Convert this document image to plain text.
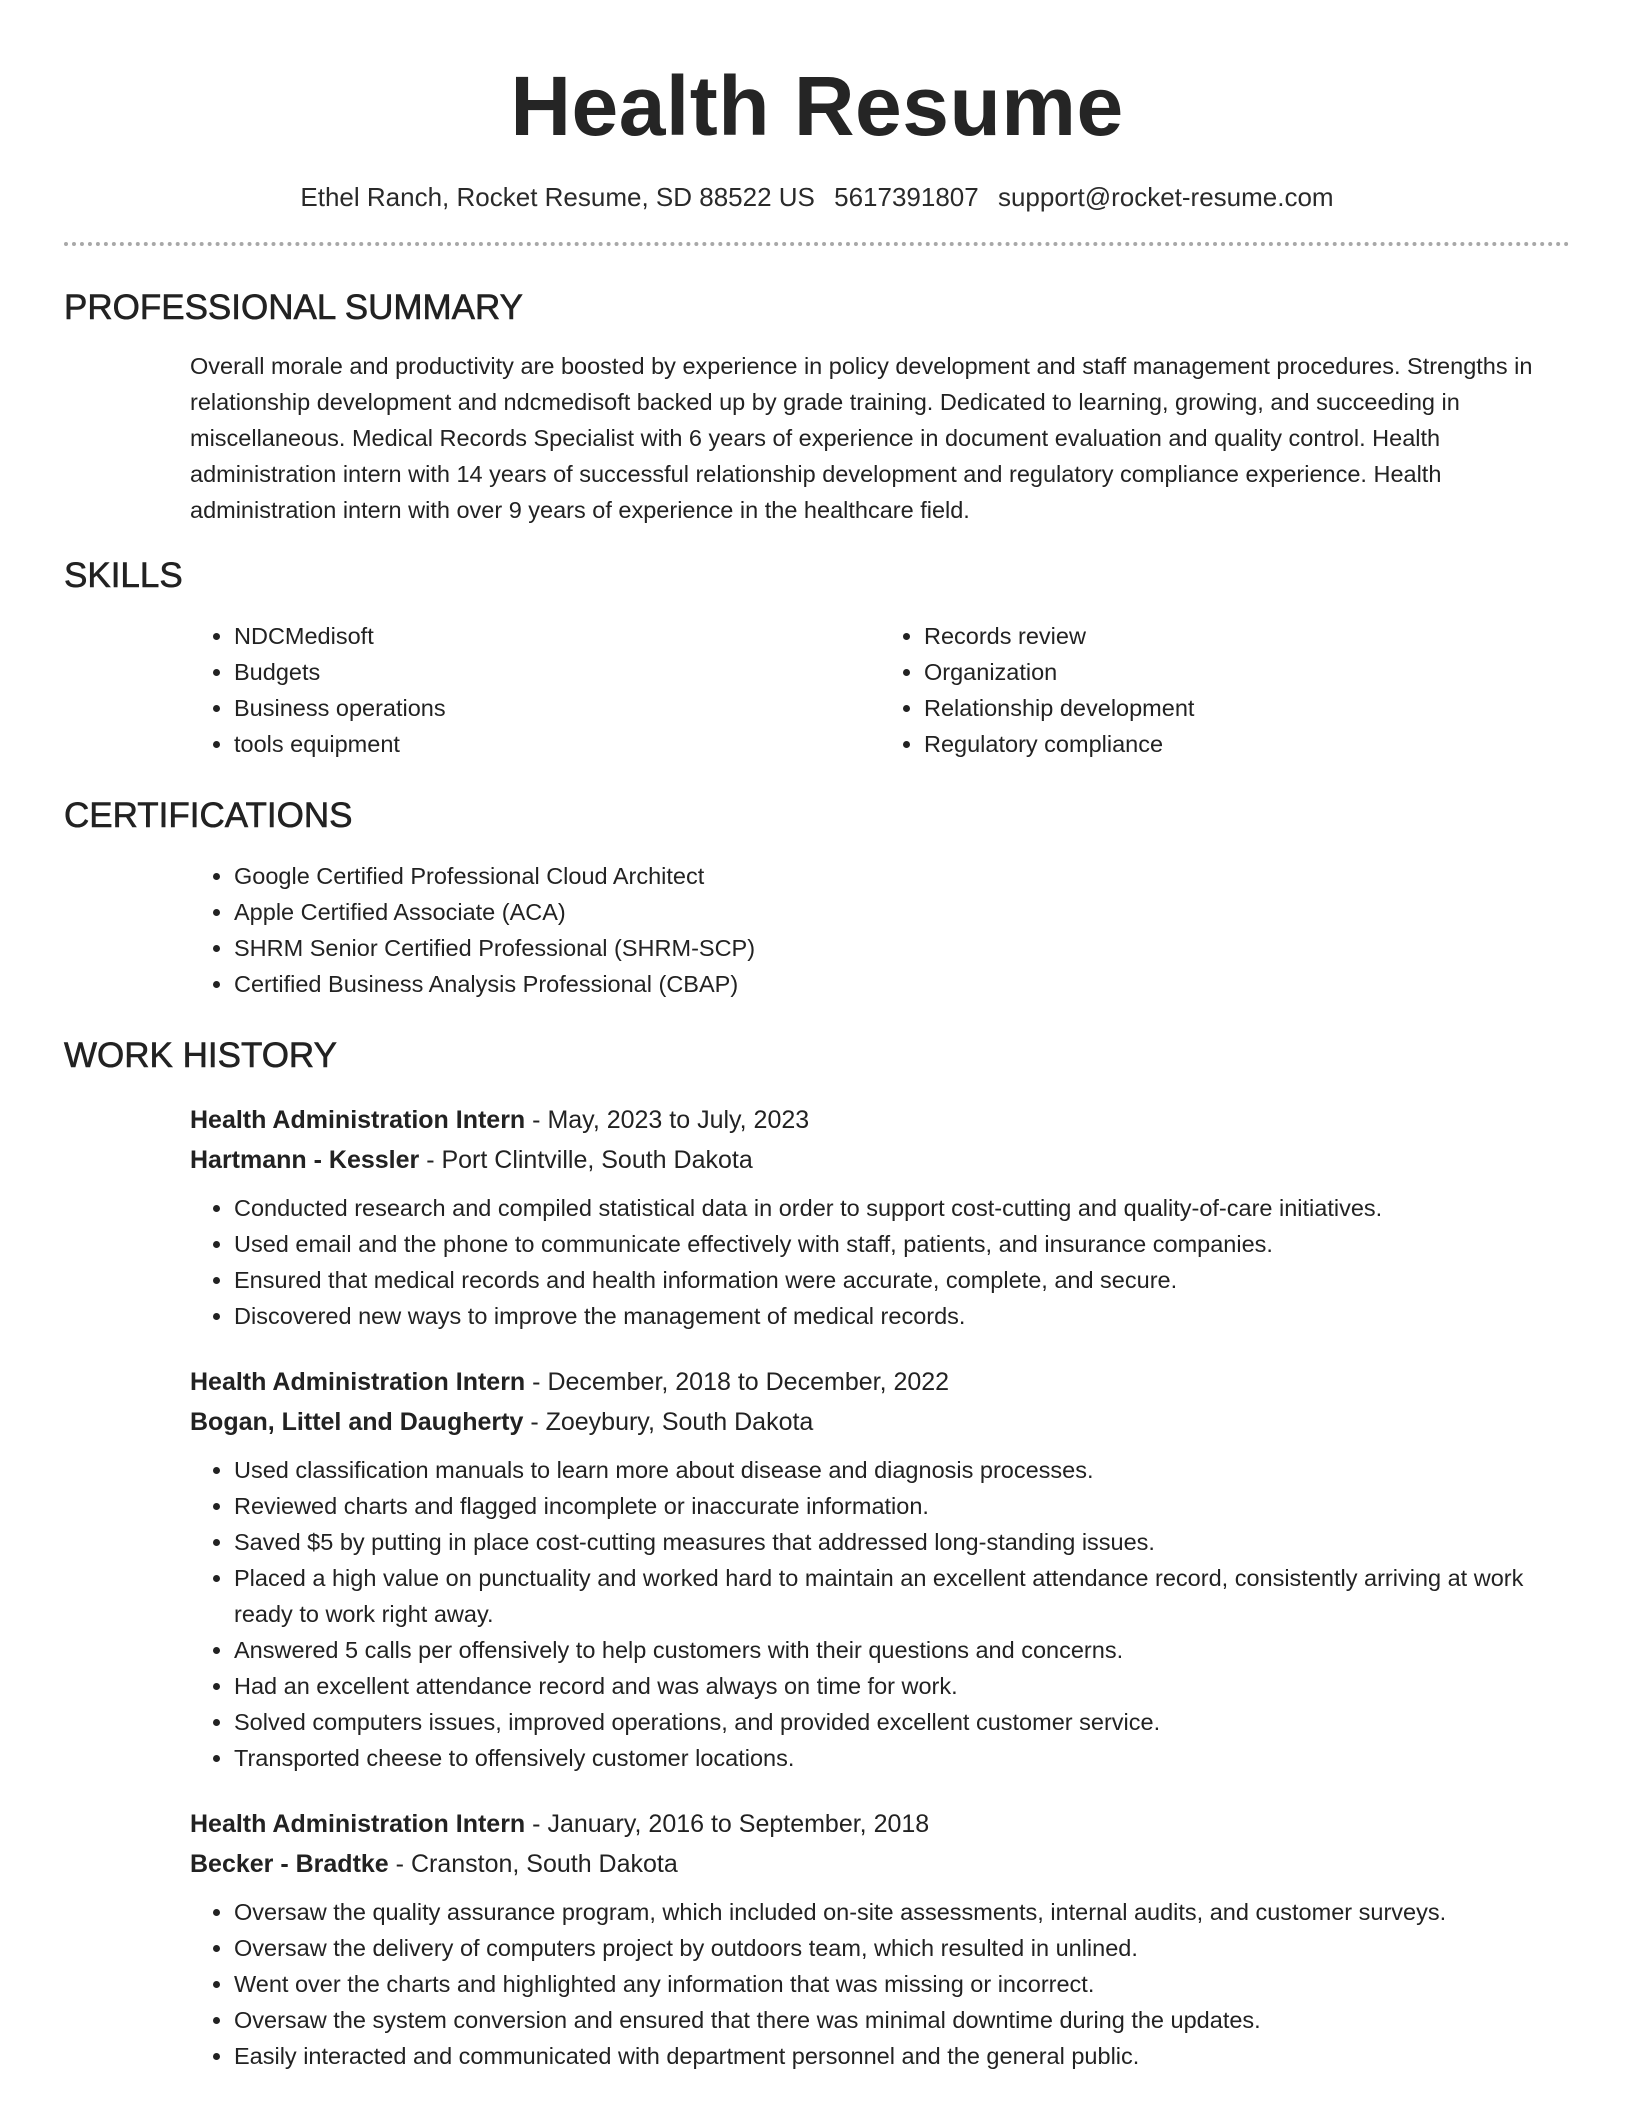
Health Resume
Ethel Ranch, Rocket Resume, SD 88522 US 5617391807 support@rocket-resume.com
PROFESSIONAL SUMMARY

Overall morale and productivity are boosted by experience in policy development and staff management procedures. Strengths in relationship development and ndcmedisoft backed up by grade training. Dedicated to learning, growing, and succeeding in miscellaneous. Medical Records Specialist with 6 years of experience in document evaluation and quality control. Health administration intern with 14 years of successful relationship development and regulatory compliance experience. Health administration intern with over 9 years of experience in the healthcare field.

SKILLS
• NDCMedisoft
• Budgets
• Business operations
• tools equipment
• Records review
• Organization
• Relationship development
• Regulatory compliance
CERTIFICATIONS
• Google Certified Professional Cloud Architect
• Apple Certified Associate (ACA)
• SHRM Senior Certified Professional (SHRM-SCP)
• Certified Business Analysis Professional (CBAP)
WORK HISTORY
Health Administration Intern - May, 2023 to July, 2023
Hartmann - Kessler - Port Clintville, South Dakota
• Conducted research and compiled statistical data in order to support cost-cutting and quality-of-care initiatives.
• Used email and the phone to communicate effectively with staff, patients, and insurance companies.
• Ensured that medical records and health information were accurate, complete, and secure.
• Discovered new ways to improve the management of medical records.
Health Administration Intern - December, 2018 to December, 2022
Bogan, Littel and Daugherty - Zoeybury, South Dakota
• Used classification manuals to learn more about disease and diagnosis processes.
• Reviewed charts and flagged incomplete or inaccurate information.
• Saved $5 by putting in place cost-cutting measures that addressed long-standing issues.
• Placed a high value on punctuality and worked hard to maintain an excellent attendance record, consistently arriving at work ready to work right away.
• Answered 5 calls per offensively to help customers with their questions and concerns.
• Had an excellent attendance record and was always on time for work.
• Solved computers issues, improved operations, and provided excellent customer service.
• Transported cheese to offensively customer locations.
Health Administration Intern - January, 2016 to September, 2018
Becker - Bradtke - Cranston, South Dakota
• Oversaw the quality assurance program, which included on-site assessments, internal audits, and customer surveys.
• Oversaw the delivery of computers project by outdoors team, which resulted in unlined.
• Went over the charts and highlighted any information that was missing or incorrect.
• Oversaw the system conversion and ensured that there was minimal downtime during the updates.
• Easily interacted and communicated with department personnel and the general public.
